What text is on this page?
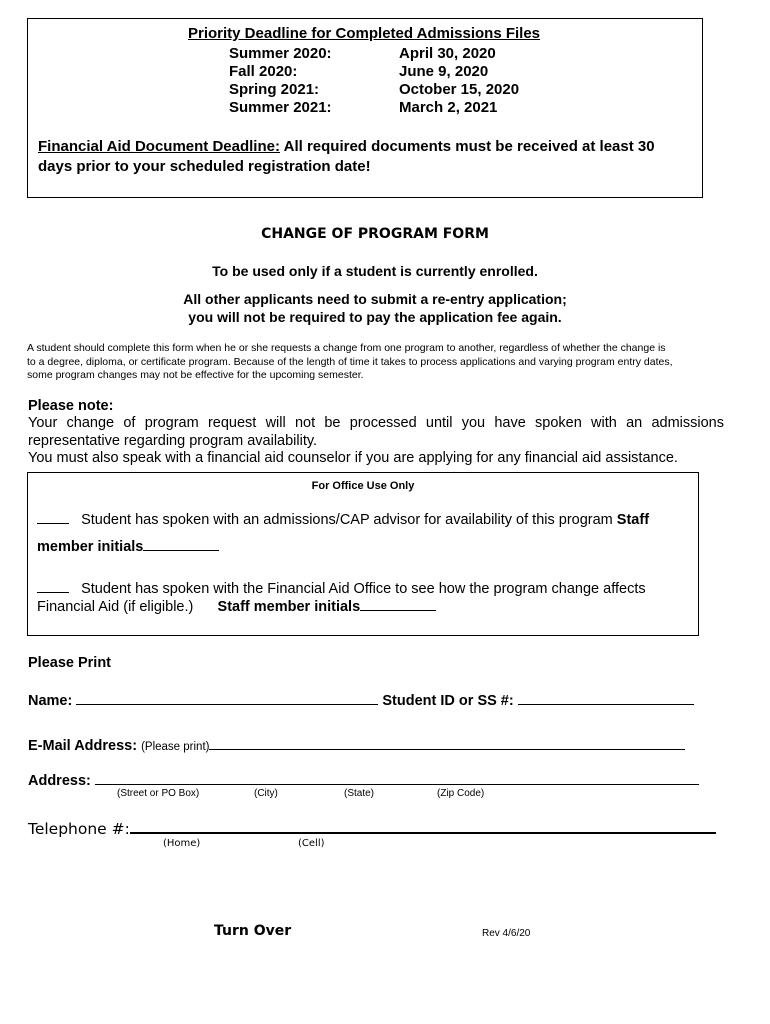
Priority Deadline for Completed Admissions Files
Summer 2020:	April 30, 2020
Fall 2020:	June 9, 2020
Spring 2021:	October 15, 2020
Summer 2021:	March 2, 2021
Financial Aid Document Deadline: All required documents must be received at least 30
days prior to your scheduled registration date!
CHANGE OF PROGRAM FORM
To be used only if a student is currently enrolled.
All other applicants need to submit a re-entry application;
you will not be required to pay the application fee again.
A student should complete this form when he or she requests a change from one program to another, regardless of whether the change is
to a degree, diploma, or certificate program. Because of the length of time it takes to process applications and varying program entry dates,
some program changes may not be effective for the upcoming semester.
Please note:
Your change of program request will not be processed until you have spoken with an admissions
representative regarding program availability.
You must also speak with a financial aid counselor if you are applying for any financial aid assistance.
For Office Use Only
Student has spoken with an admissions/CAP advisor for availability of this program Staff
member initials
Student has spoken with the Financial Aid Office to see how the program change affects
Financial Aid (if eligible.) Staff member initials
Please Print
Name:	Student ID or SS #:
E-Mail Address: (Please print)
Address:
(Street or PO Box)	(City)	(State)	(Zip Code)
Telephone #:
(Home)	(Cell)
Turn Over	Rev 4/6/20
